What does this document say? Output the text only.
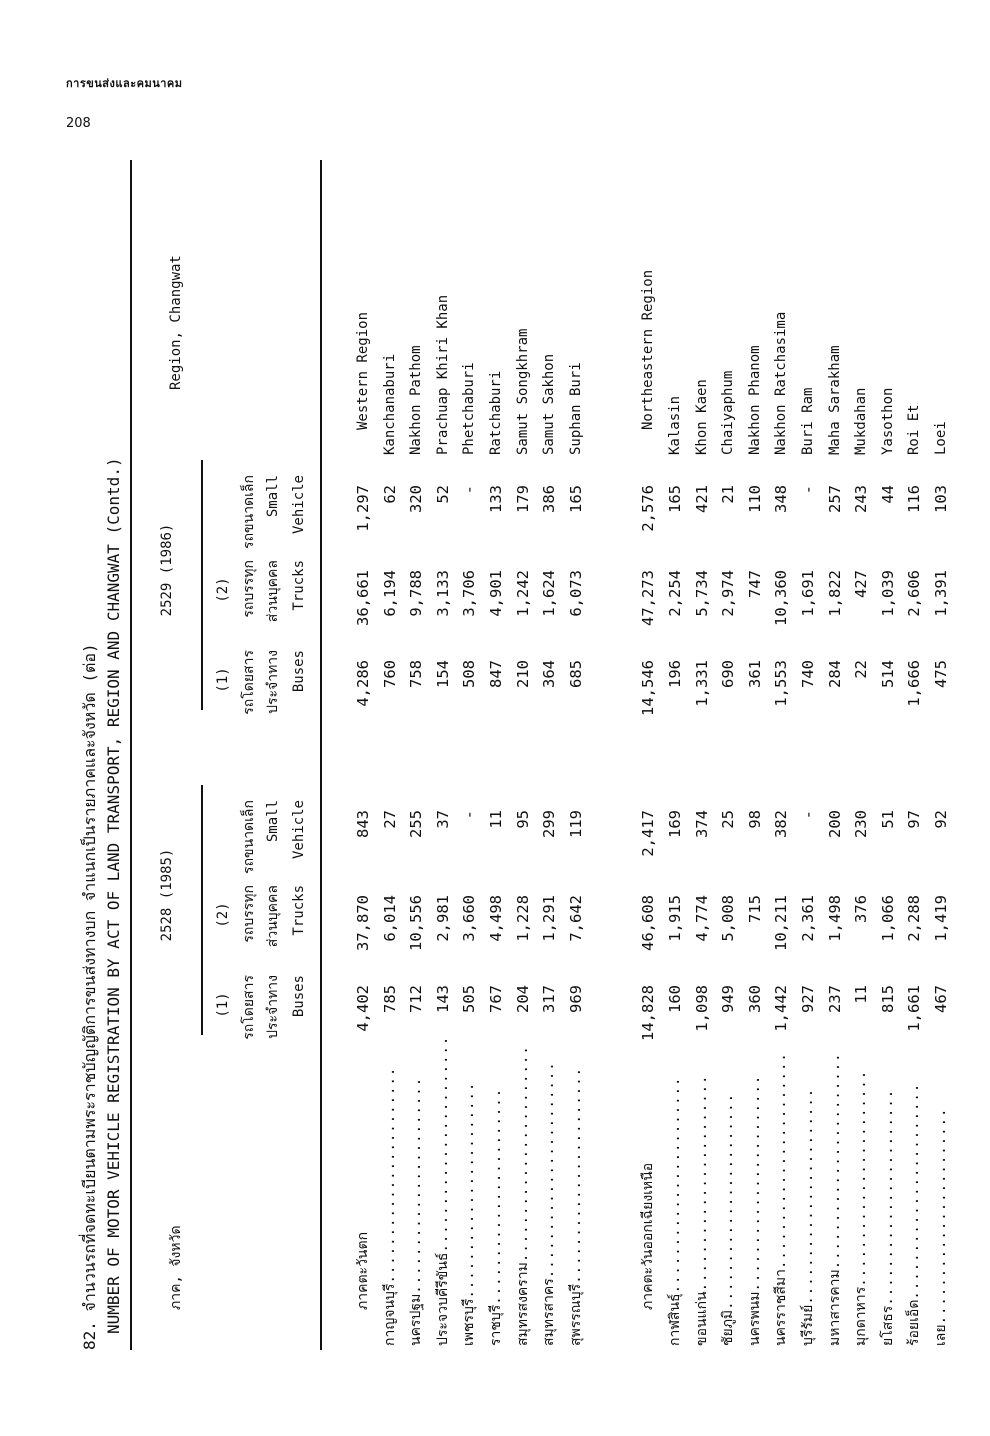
การขนส่งและคมนาคม
208
82. จำนวนรถที่จดทะเบียนตามพระราชบัญญัติการขนส่งทางบก จำแนกเป็นรายภาคและจังหวัด (ต่อ) NUMBER OF MOTOR VEHICLE REGISTRATION BY ACT OF LAND TRANSPORT, REGION AND CHANGWAT (Contd.)	ภาค, จังหวัด
Region, Changwat
2528 (1985)
2529 (1986)
(1) รถโดยสาร ประจำทาง Buses
(2) รถบรรทุก ส่วนบุคคล Trucks
รถขนาดเล็ก Small Vehicle
(1) รถโดยสาร ประจำทาง Buses
(2) รถบรรทุก ส่วนบุคคล Trucks
รถขนาดเล็ก Small Vehicle
ภาคตะวันตก
4,402
37,870
843
4,286
36,661
1,297
Western Region
กาญจนบุรี .....
785
6,014
27
760
6,194
62
Kanchanaburi
นครปฐม .....
712
10,556
255
758
9,788
320
Nakhon Pathom
ประจวบคีรีขันธ์ .....
143
2,981
37
154
3,133
52
Prachuap Khiri Khan
เพชรบุรี .....
505
3,660
-
508
3,706
-
Phetchaburi
ราชบุรี .....
767
4,498
11
847
4,901
133
Ratchaburi
สมุทรสงคราม .....
204
1,228
95
210
1,242
179
Samut Songkhram
สมุทรสาคร .....
317
1,291
299
364
1,624
386
Samut Sakhon
สุพรรณบุรี .....
969
7,642
119
685
6,073
165
Suphan Buri
ภาคตะวันออกเฉียงเหนือ
14,828
46,608
2,417
14,546
47,273
2,576
Northeastern Region
กาฬสินธุ์ .....
160
1,915
169
196
2,254
165
Kalasin
ขอนแก่น .....
1,098
4,774
374
1,331
5,734
421
Khon Kaen
ชัยภูมิ .....
949
5,008
25
690
2,974
21
Chaiyaphum
นครพนม .....
360
715
98
361
747
110
Nakhon Phanom
นครราชสีมา .....
1,442
10,211
382
1,553
10,360
348
Nakhon Ratchasima
บุรีรัมย์ .....
927
2,361
-
740
1,691
-
Buri Ram
มหาสารคาม .....
237
1,498
200
284
1,822
257
Maha Sarakham
มุกดาหาร .....
11
376
230
22
427
243
Mukdahan
ยโสธร .....
815
1,066
51
514
1,039
44
Yasothon
ร้อยเอ็ด .....
1,661
2,288
97
1,666
2,606
116
Roi Et
เลย .....
467
1,419
92
475
1,391
103
Loei
